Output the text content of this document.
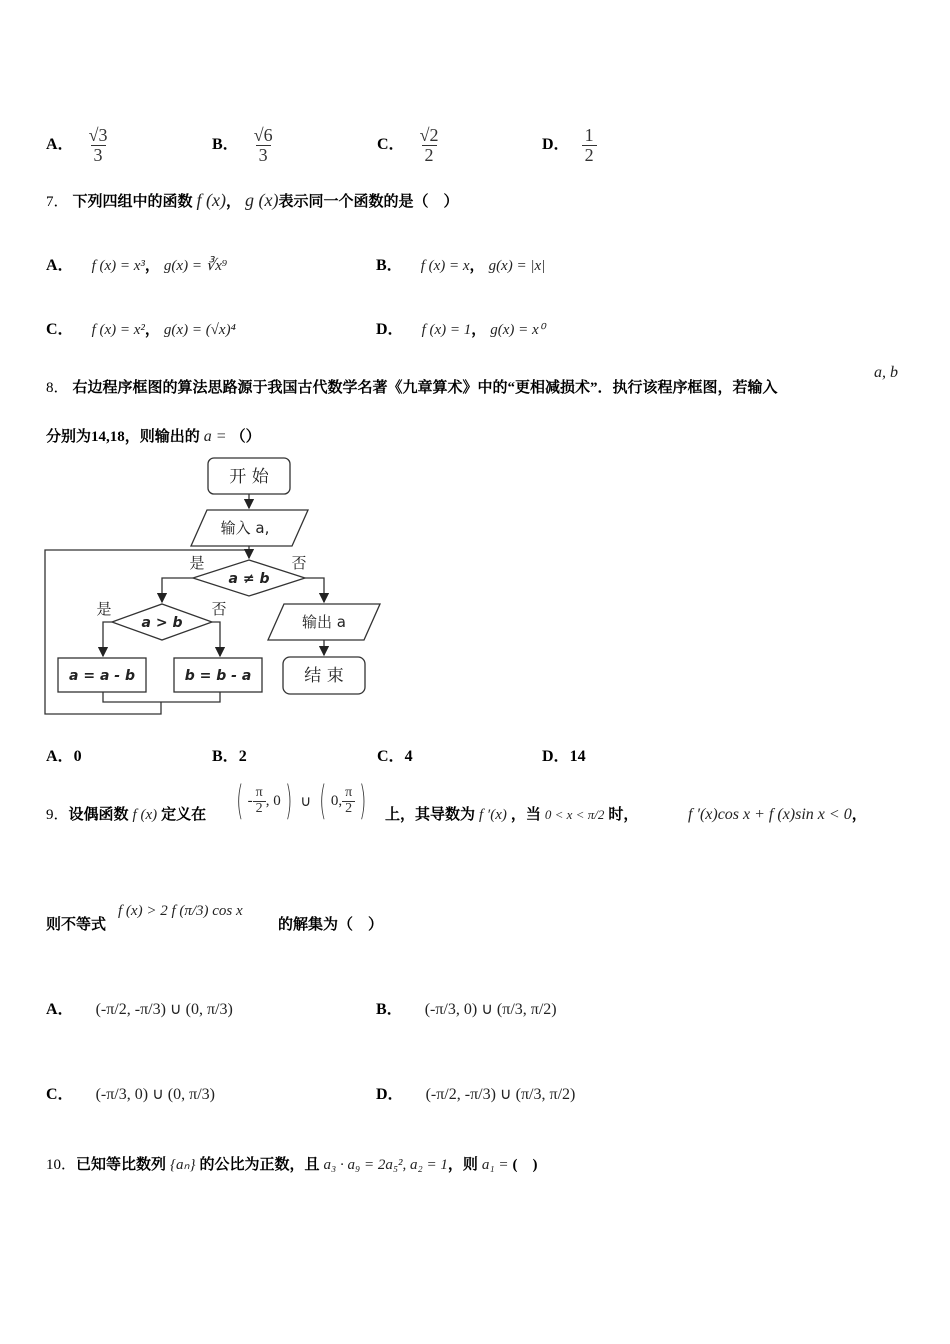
A． $\frac{√3}{3}$	B． $\frac{√6}{3}$	C． $\frac{√2}{2}$	D． $\frac{1}{2}$
7． 下列四组中的函数 f (x)， g (x)表示同一个函数的是（　）
A． f (x) = x³， g(x) = ∛x⁹	B． f (x) = x， g(x) = |x|
C． f (x) = x²， g(x) = (√x)⁴	D． f (x) = 1， g(x) = x⁰
8． 右边程序框图的算法思路源于我国古代数学名著《九章算术》中的“更相减损术”．执行该程序框图，若输入
a, b
分别为14,18，则输出的 a = （）
开 始
输入 a,
a ≠ b
是	否
a > b
是	否
a = a - b	b = b - a
输出 a
结 束
A．0	B．2	C．4	D．14
9．设偶函数 f (x) 定义在 ( - $\frac{\pi}{2}$ , 0 ) ∪ ( 0, $\frac{\pi}{2}$ ) 上，其导数为 f ′(x) ，当 0 < x < π/2 时，	f ′(x)cos x + f (x)sin x < 0，
则不等式
f (x) > 2 f (π/3) cos x
的解集为（　）
A． (-π/2, -π/3) ∪ (0, π/3)	B． (-π/3, 0) ∪ (π/3, π/2)
C． (-π/3, 0) ∪ (0, π/3)	D． (-π/2, -π/3) ∪ (π/3, π/2)
10．已知等比数列 {aₙ} 的公比为正数，且 a₃ · a₉ = 2a₅², a₂ = 1，则 a₁ = (　)
